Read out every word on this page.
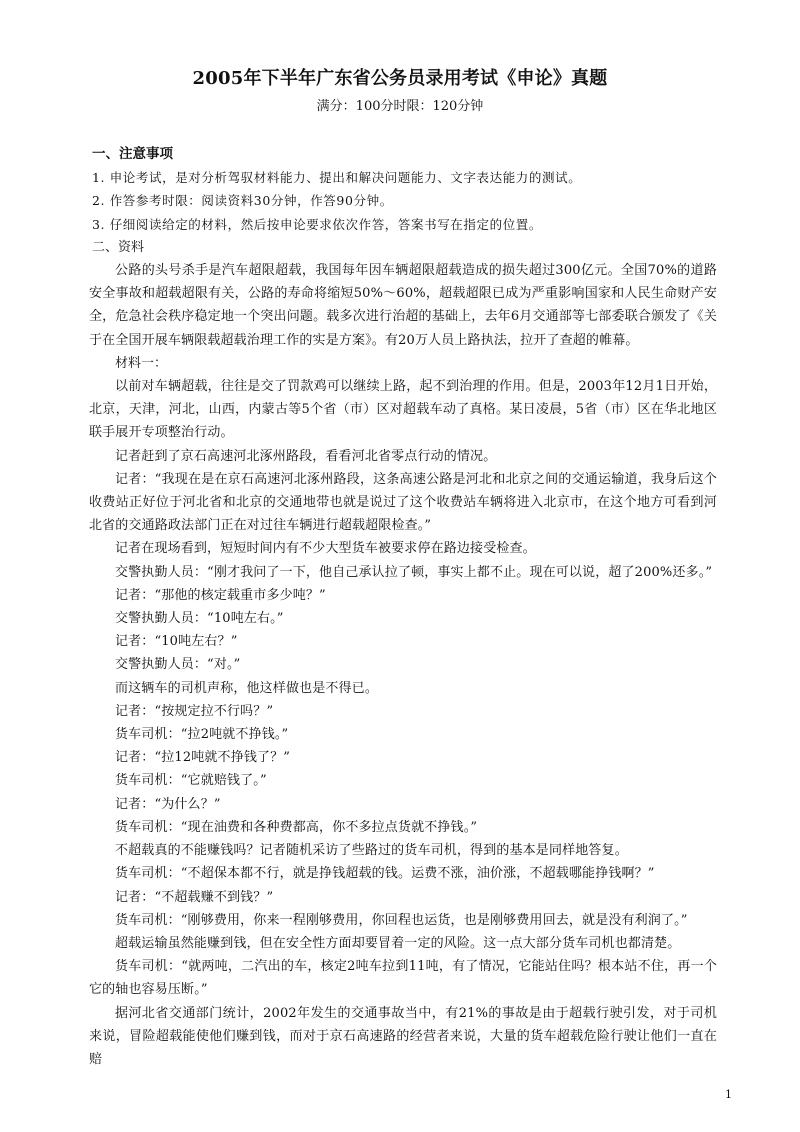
2005年下半年广东省公务员录用考试《申论》真题

满分：100分时限：120分钟

一、注意事项

1. 申论考试，是对分析驾驭材料能力、提出和解决问题能力、文字表达能力的测试。

2. 作答参考时限：阅读资料30分钟，作答90分钟。

3. 仔细阅读给定的材料，然后按申论要求依次作答，答案书写在指定的位置。

二、资料

公路的头号杀手是汽车超限超载，我国每年因车辆超限超载造成的损失超过300亿元。全国70%的道路安全事故和超载超限有关，公路的寿命将缩短50%～60%，超载超限已成为严重影响国家和人民生命财产安全，危急社会秩序稳定地一个突出问题。载多次进行治超的基础上，去年6月交通部等七部委联合颁发了《关于在全国开展车辆限载超载治理工作的实是方案》。有20万人员上路执法，拉开了查超的帷幕。

材料一：

以前对车辆超载，往往是交了罚款鸡可以继续上路，起不到治理的作用。但是，2003年12月1日开始，北京，天津，河北，山西，内蒙古等5个省（市）区对超载车动了真格。某日凌晨，5省（市）区在华北地区联手展开专项整治行动。

记者赶到了京石高速河北涿州路段，看看河北省零点行动的情况。

记者：“我现在是在京石高速河北涿州路段，这条高速公路是河北和北京之间的交通运输道，我身后这个收费站正好位于河北省和北京的交通地带也就是说过了这个收费站车辆将进入北京市，在这个地方可看到河北省的交通路政法部门正在对过往车辆进行超载超限检查。”

记者在现场看到，短短时间内有不少大型货车被要求停在路边接受检查。

交警执勤人员：“刚才我问了一下，他自己承认拉了顿，事实上都不止。现在可以说，超了200%还多。”

记者：“那他的核定载重市多少吨？”

交警执勤人员：“10吨左右。”

记者：“10吨左右？”

交警执勤人员：“对。”

而这辆车的司机声称，他这样做也是不得已。

记者：“按规定拉不行吗？”

货车司机：“拉2吨就不挣钱。”

记者：“拉12吨就不挣钱了？”

货车司机：“它就赔钱了。”

记者：“为什么？”

货车司机：“现在油费和各种费都高，你不多拉点货就不挣钱。”

不超载真的不能赚钱吗？记者随机采访了些路过的货车司机，得到的基本是同样地答复。

货车司机：“不超保本都不行，就是挣钱超载的钱。运费不涨，油价涨，不超载哪能挣钱啊？”

记者：“不超载赚不到钱？”

货车司机：“刚够费用，你来一程刚够费用，你回程也运货，也是刚够费用回去，就是没有利润了。”

超载运输虽然能赚到钱，但在安全性方面却要冒着一定的风险。这一点大部分货车司机也都清楚。

货车司机：“就两吨，二汽出的车，核定2吨车拉到11吨，有了情况，它能站住吗？根本站不住，再一个它的轴也容易压断。”

据河北省交通部门统计，2002年发生的交通事故当中，有21%的事故是由于超载行驶引发，对于司机来说，冒险超载能使他们赚到钱，而对于京石高速路的经营者来说，大量的货车超载危险行驶让他们一直在赔

1
